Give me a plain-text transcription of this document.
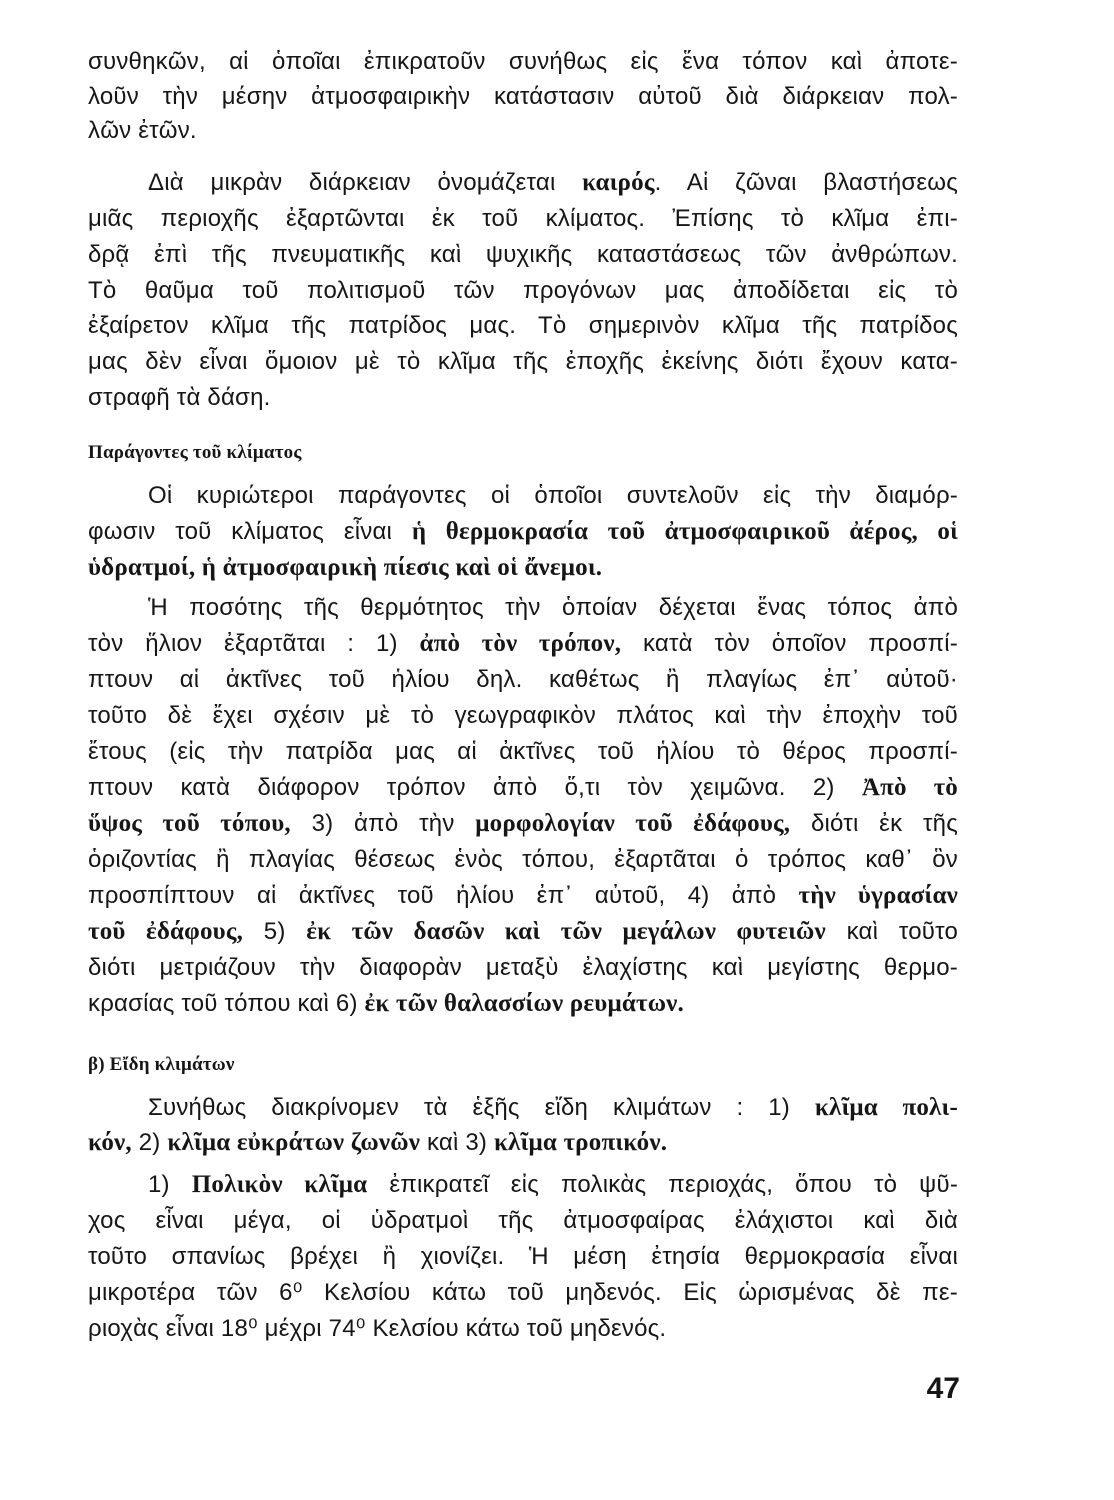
συνθηκῶν, αἱ ὁποῖαι ἐπικρατοῦν συνήθως εἰς ἕνα τόπον καὶ ἀποτε-
λοῦν τὴν μέσην ἀτμοσφαιρικὴν κατάστασιν αὐτοῦ διὰ διάρκειαν πολ-
λῶν ἐτῶν.
Διὰ μικρὰν διάρκειαν ὀνομάζεται καιρός. Αἱ ζῶναι βλαστήσεως
μιᾶς περιοχῆς ἐξαρτῶνται ἐκ τοῦ κλίματος. Ἐπίσης τὸ κλῖμα ἐπι-
δρᾷ ἐπὶ τῆς πνευματικῆς καὶ ψυχικῆς καταστάσεως τῶν ἀνθρώπων.
Τὸ θαῦμα τοῦ πολιτισμοῦ τῶν προγόνων μας ἀποδίδεται εἰς τὸ
ἐξαίρετον κλῖμα τῆς πατρίδος μας. Τὸ σημερινὸν κλῖμα τῆς πατρίδος
μας δὲν εἶναι ὅμοιον μὲ τὸ κλῖμα τῆς ἐποχῆς ἐκείνης διότι ἔχουν κατα-
στραφῆ τὰ δάση.
Παράγοντες τοῦ κλίματος
Οἱ κυριώτεροι παράγοντες οἱ ὁποῖοι συντελοῦν εἰς τὴν διαμόρ-
φωσιν τοῦ κλίματος εἶναι ἡ θερμοκρασία τοῦ ἀτμοσφαιρικοῦ ἀέρος, οἱ
ὑδρατμοί, ἡ ἀτμοσφαιρικὴ πίεσις καὶ οἱ ἄνεμοι.
Ἡ ποσότης τῆς θερμότητος τὴν ὁποίαν δέχεται ἕνας τόπος ἀπὸ
τὸν ἥλιον ἐξαρτᾶται : 1) ἀπὸ τὸν τρόπον, κατὰ τὸν ὁποῖον προσπί-
πτουν αἱ ἀκτῖνες τοῦ ἡλίου δηλ. καθέτως ἢ πλαγίως ἐπ᾽ αὐτοῦ·
τοῦτο δὲ ἔχει σχέσιν μὲ τὸ γεωγραφικὸν πλάτος καὶ τὴν ἐποχὴν τοῦ
ἔτους (εἰς τὴν πατρίδα μας αἱ ἀκτῖνες τοῦ ἡλίου τὸ θέρος προσπί-
πτουν κατὰ διάφορον τρόπον ἀπὸ ὅ,τι τὸν χειμῶνα. 2) Ἀπὸ τὸ
ὕψος τοῦ τόπου, 3) ἀπὸ τὴν μορφολογίαν τοῦ ἐδάφους, διότι ἐκ τῆς
ὁριζοντίας ἢ πλαγίας θέσεως ἑνὸς τόπου, ἐξαρτᾶται ὁ τρόπος καθ᾽ ὃν
προσπίπτουν αἱ ἀκτῖνες τοῦ ἡλίου ἐπ᾽ αὐτοῦ, 4) ἀπὸ τὴν ὑγρασίαν
τοῦ ἐδάφους, 5) ἐκ τῶν δασῶν καὶ τῶν μεγάλων φυτειῶν καὶ τοῦτο
διότι μετριάζουν τὴν διαφορὰν μεταξὺ ἐλαχίστης καὶ μεγίστης θερμο-
κρασίας τοῦ τόπου καὶ 6) ἐκ τῶν θαλασσίων ρευμάτων.
β) Εἴδη κλιμάτων
Συνήθως διακρίνομεν τὰ ἑξῆς εἴδη κλιμάτων : 1) κλῖμα πολι-
κόν, 2) κλῖμα εὐκράτων ζωνῶν καὶ 3) κλῖμα τροπικόν.
1) Πολικὸν κλῖμα ἐπικρατεῖ εἰς πολικὰς περιοχάς, ὅπου τὸ ψῦ-
χος εἶναι μέγα, οἱ ὑδρατμοὶ τῆς ἀτμοσφαίρας ἐλάχιστοι καὶ διὰ
τοῦτο σπανίως βρέχει ἢ χιονίζει. Ἡ μέση ἐτησία θερμοκρασία εἶναι
μικροτέρα τῶν 6⁰ Κελσίου κάτω τοῦ μηδενός. Εἰς ὡρισμένας δὲ πε-
ριοχὰς εἶναι 18⁰ μέχρι 74⁰ Κελσίου κάτω τοῦ μηδενός.
47
